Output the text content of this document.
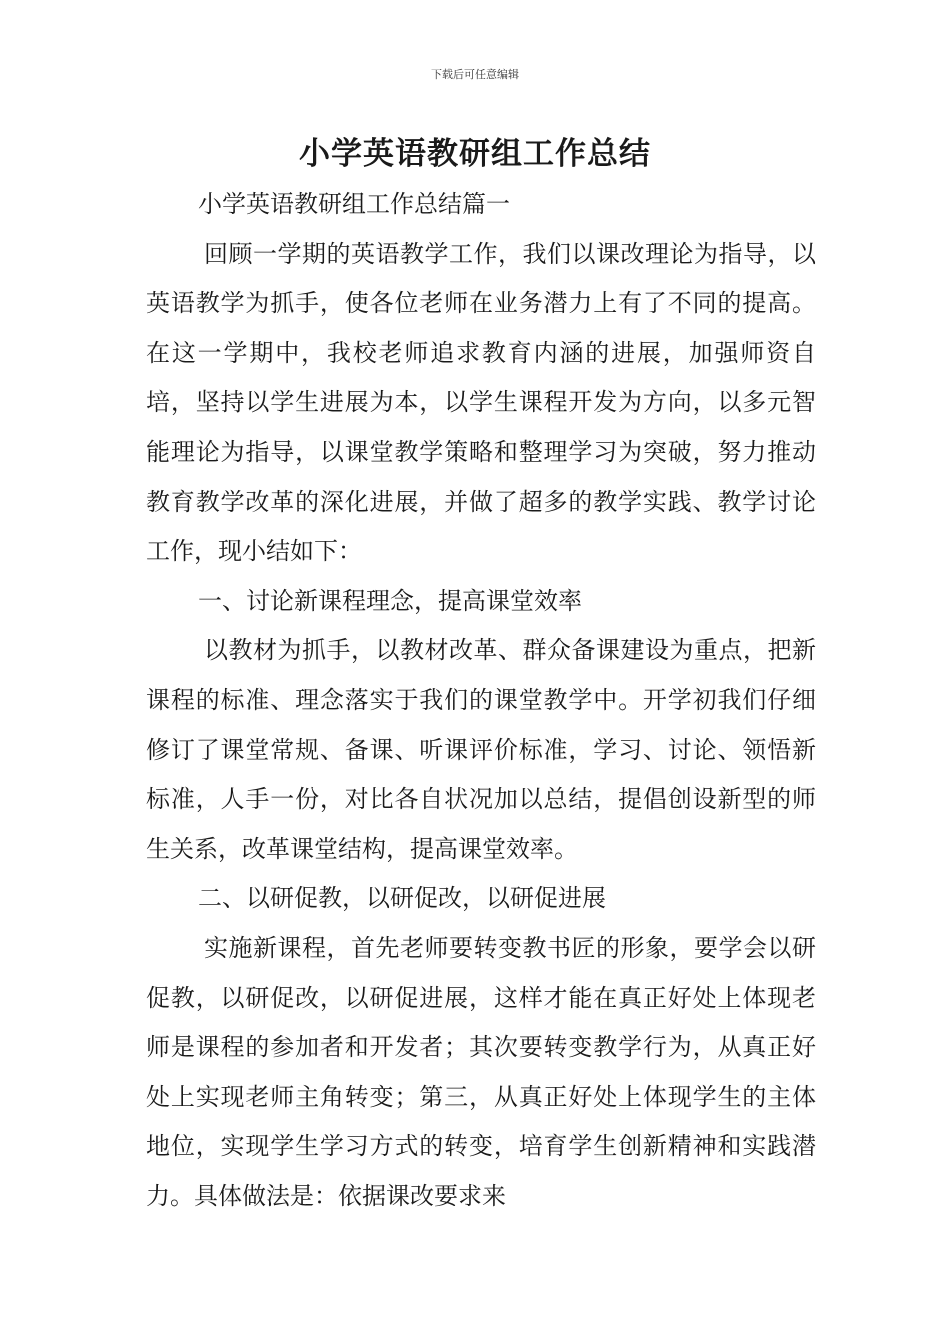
下载后可任意编辑
小学英语教研组工作总结

小学英语教研组工作总结篇一

回顾一学期的英语教学工作，我们以课改理论为指导，以英语教学为抓手，使各位老师在业务潜力上有了不同的提高。在这一学期中，我校老师追求教育内涵的进展，加强师资自培，坚持以学生进展为本，以学生课程开发为方向，以多元智能理论为指导，以课堂教学策略和整理学习为突破，努力推动教育教学改革的深化进展，并做了超多的教学实践、教学讨论工作，现小结如下：

一、讨论新课程理念，提高课堂效率

以教材为抓手，以教材改革、群众备课建设为重点，把新课程的标准、理念落实于我们的课堂教学中。开学初我们仔细修订了课堂常规、备课、听课评价标准，学习、讨论、领悟新标准，人手一份，对比各自状况加以总结，提倡创设新型的师生关系，改革课堂结构，提高课堂效率。

二、以研促教，以研促改，以研促进展

实施新课程，首先老师要转变教书匠的形象，要学会以研促教，以研促改，以研促进展，这样才能在真正好处上体现老师是课程的参加者和开发者；其次要转变教学行为，从真正好处上实现老师主角转变；第三，从真正好处上体现学生的主体地位，实现学生学习方式的转变，培育学生创新精神和实践潜力。具体做法是：依据课改要求来
